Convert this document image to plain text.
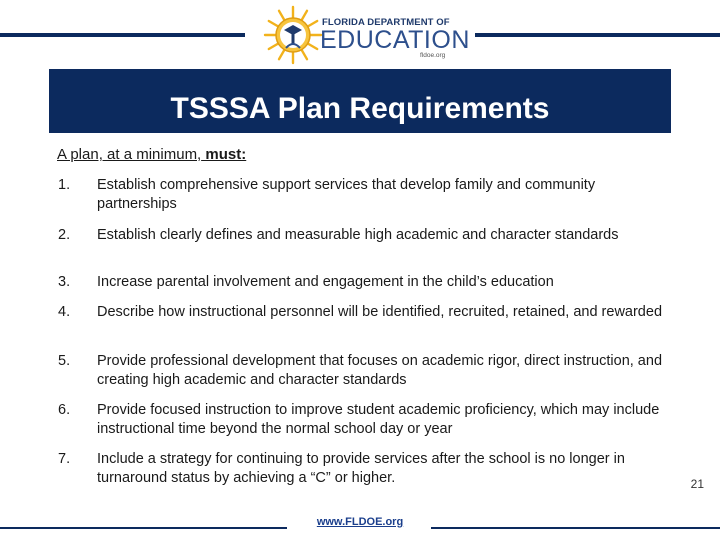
FLORIDA DEPARTMENT OF
EDUCATION
fldoe.org
TSSSA Plan Requirements
A plan, at a minimum, must:
1. Establish comprehensive support services that develop family and community partnerships
2. Establish clearly defines and measurable high academic and character standards
3. Increase parental involvement and engagement in the child’s education
4. Describe how instructional personnel will be identified, recruited, retained, and rewarded
5. Provide professional development that focuses on academic rigor, direct instruction, and creating high academic and character standards
6. Provide focused instruction to improve student academic proficiency, which may include instructional time beyond the normal school day or year
7. Include a strategy for continuing to provide services after the school is no longer in turnaround status by achieving a “C” or higher.
www.FLDOE.org
21
